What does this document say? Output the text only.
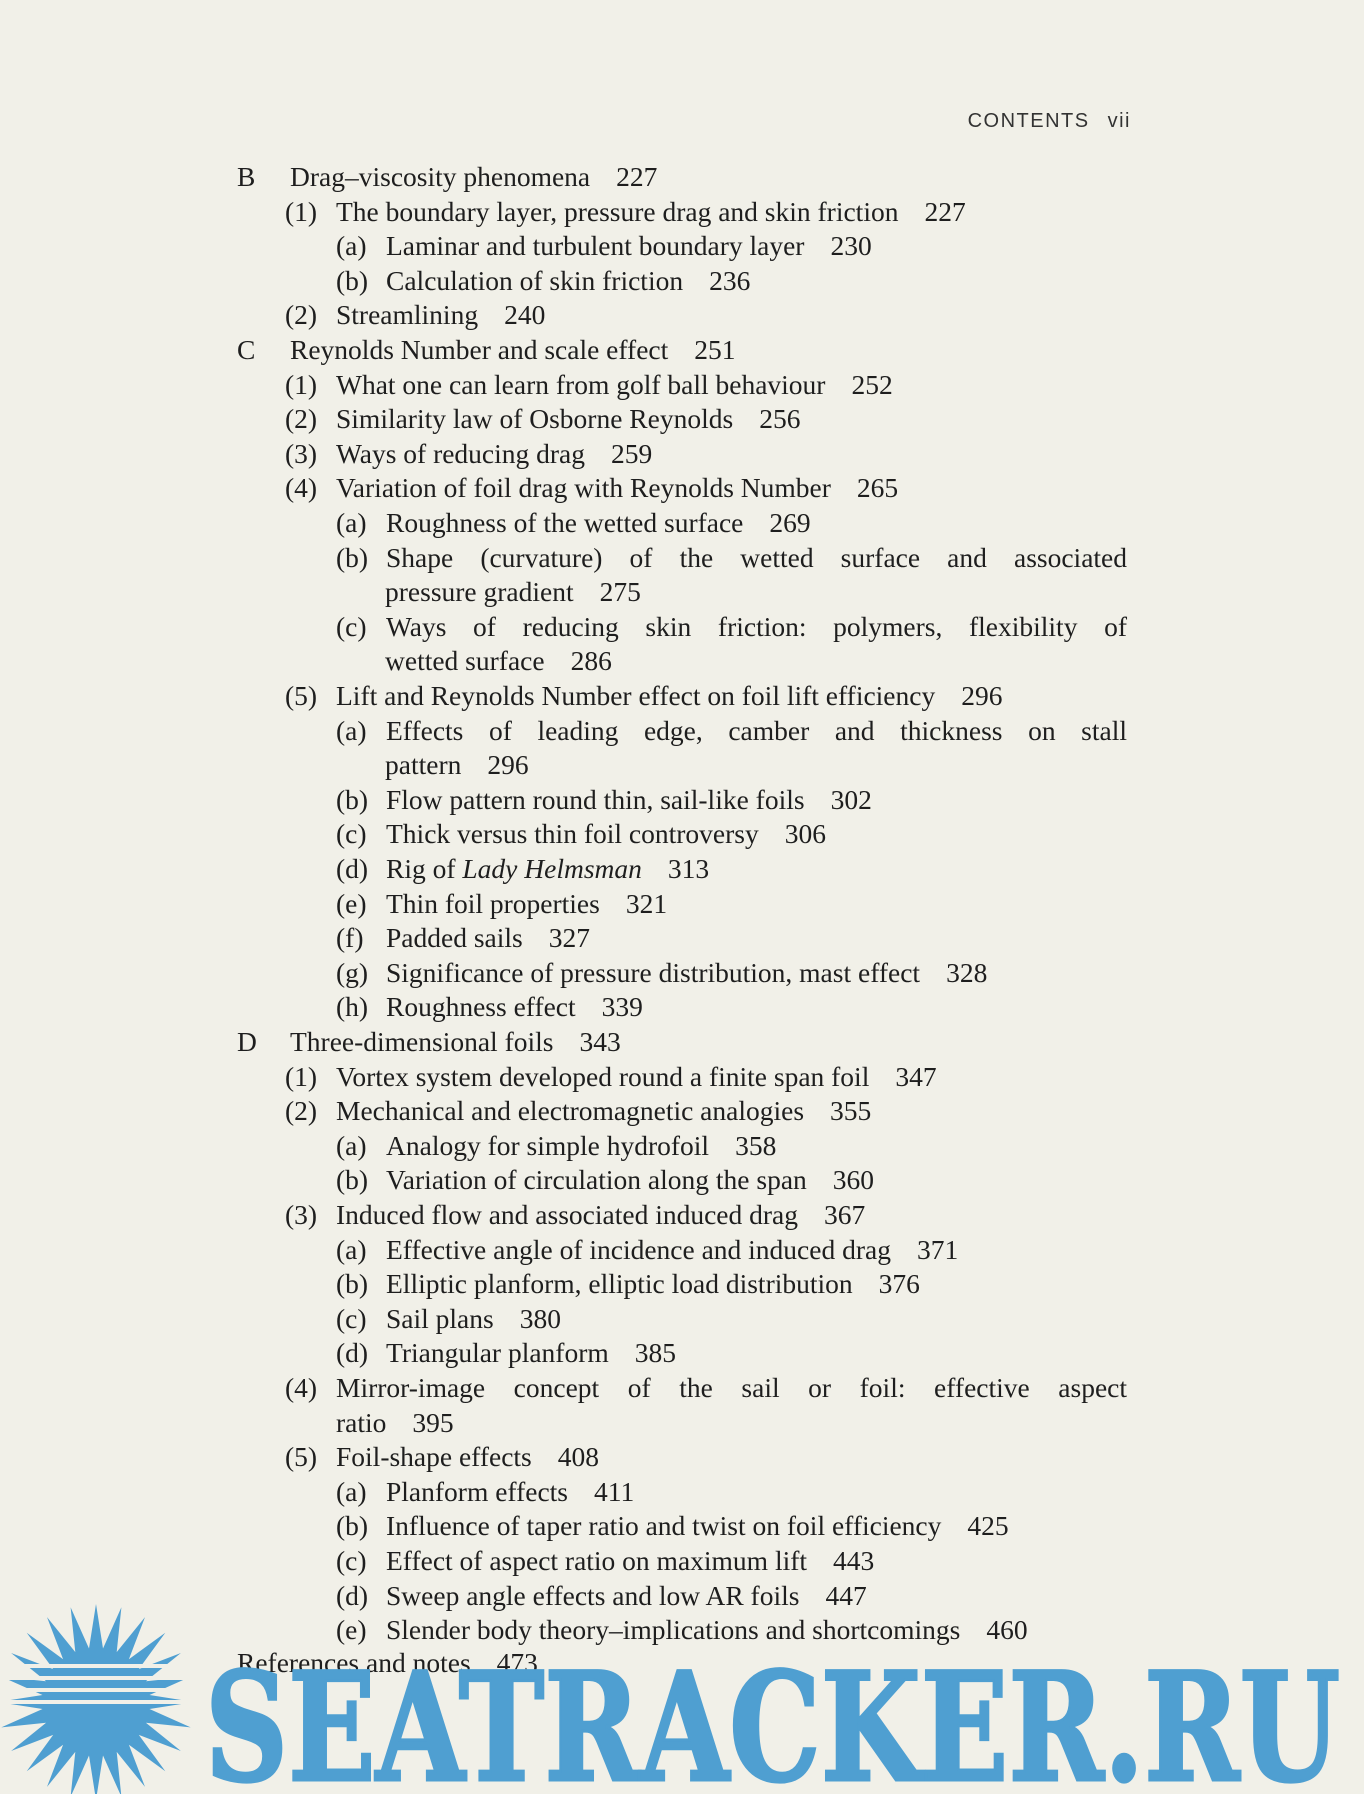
CONTENTS vii
B Drag–viscosity phenomena 227
(1) The boundary layer, pressure drag and skin friction 227
(a) Laminar and turbulent boundary layer 230
(b) Calculation of skin friction 236
(2) Streamlining 240
C Reynolds Number and scale effect 251
(1) What one can learn from golf ball behaviour 252
(2) Similarity law of Osborne Reynolds 256
(3) Ways of reducing drag 259
(4) Variation of foil drag with Reynolds Number 265
(a) Roughness of the wetted surface 269
(b) Shape (curvature) of the wetted surface and associated
pressure gradient 275
(c) Ways of reducing skin friction: polymers, flexibility of
wetted surface 286
(5) Lift and Reynolds Number effect on foil lift efficiency 296
(a) Effects of leading edge, camber and thickness on stall
pattern 296
(b) Flow pattern round thin, sail-like foils 302
(c) Thick versus thin foil controversy 306
(d) Rig of Lady Helmsman 313
(e) Thin foil properties 321
(f) Padded sails 327
(g) Significance of pressure distribution, mast effect 328
(h) Roughness effect 339
D Three-dimensional foils 343
(1) Vortex system developed round a finite span foil 347
(2) Mechanical and electromagnetic analogies 355
(a) Analogy for simple hydrofoil 358
(b) Variation of circulation along the span 360
(3) Induced flow and associated induced drag 367
(a) Effective angle of incidence and induced drag 371
(b) Elliptic planform, elliptic load distribution 376
(c) Sail plans 380
(d) Triangular planform 385
(4) Mirror-image concept of the sail or foil: effective aspect
ratio 395
(5) Foil-shape effects 408
(a) Planform effects 411
(b) Influence of taper ratio and twist on foil efficiency 425
(c) Effect of aspect ratio on maximum lift 443
(d) Sweep angle effects and low AR foils 447
(e) Slender body theory–implications and shortcomings 460
References and notes 473
SEATRACKER.RU
